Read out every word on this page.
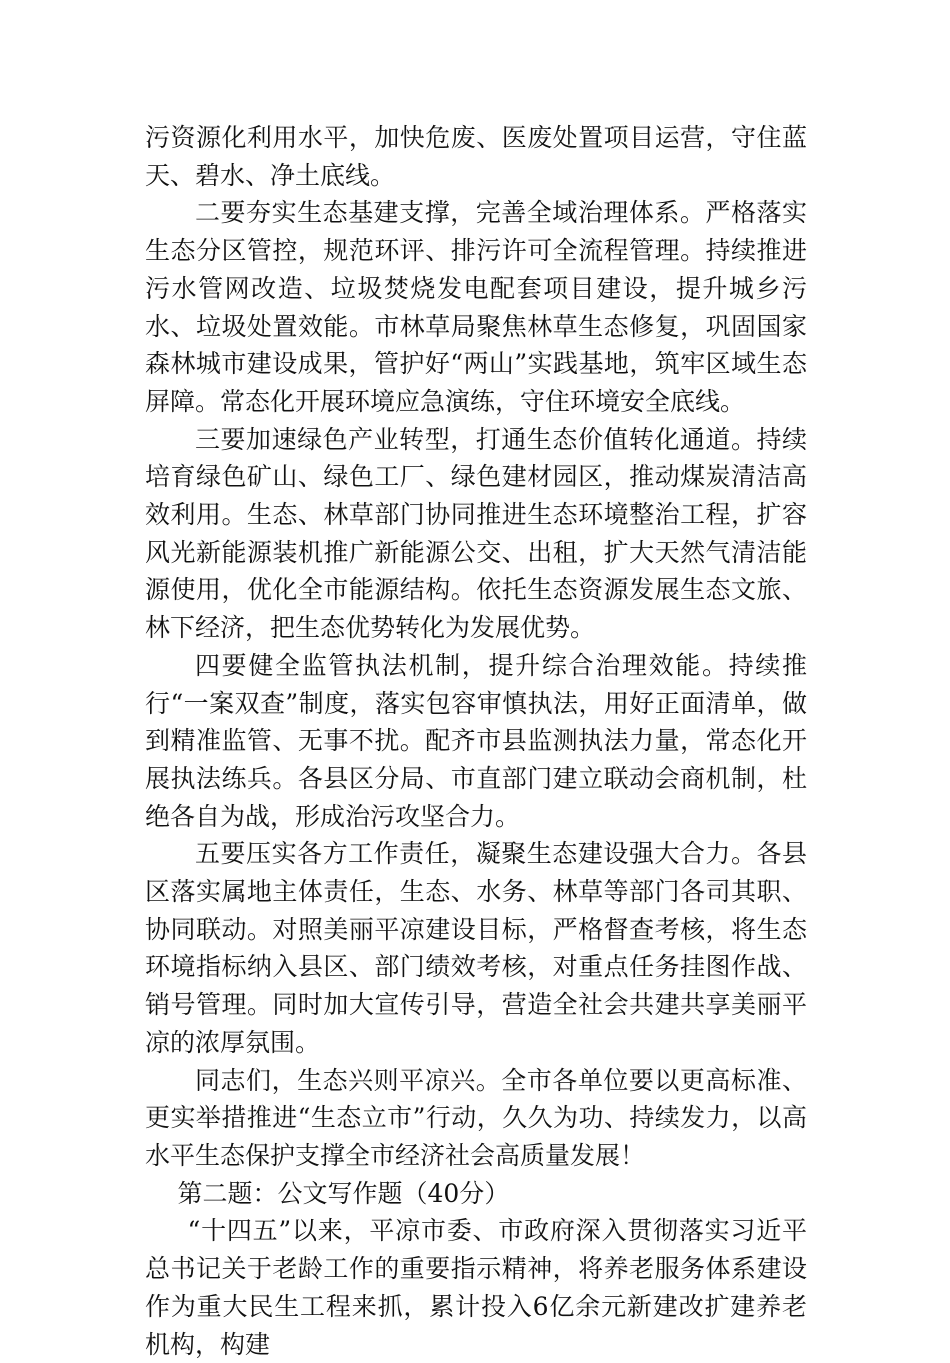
污资源化利用水平，加快危废、医废处置项目运营，守住蓝天、碧水、净土底线。

二要夯实生态基建支撑，完善全域治理体系。严格落实生态分区管控，规范环评、排污许可全流程管理。持续推进污水管网改造、垃圾焚烧发电配套项目建设，提升城乡污水、垃圾处置效能。市林草局聚焦林草生态修复，巩固国家森林城市建设成果，管护好“两山”实践基地，筑牢区域生态屏障。常态化开展环境应急演练，守住环境安全底线。

三要加速绿色产业转型，打通生态价值转化通道。持续培育绿色矿山、绿色工厂、绿色建材园区，推动煤炭清洁高效利用。生态、林草部门协同推进生态环境整治工程，扩容风光新能源装机推广新能源公交、出租，扩大天然气清洁能源使用，优化全市能源结构。依托生态资源发展生态文旅、林下经济，把生态优势转化为发展优势。

四要健全监管执法机制，提升综合治理效能。持续推行“一案双查”制度，落实包容审慎执法，用好正面清单，做到精准监管、无事不扰。配齐市县监测执法力量，常态化开展执法练兵。各县区分局、市直部门建立联动会商机制，杜绝各自为战，形成治污攻坚合力。

五要压实各方工作责任，凝聚生态建设强大合力。各县区落实属地主体责任，生态、水务、林草等部门各司其职、协同联动。对照美丽平凉建设目标，严格督查考核，将生态环境指标纳入县区、部门绩效考核，对重点任务挂图作战、销号管理。同时加大宣传引导，营造全社会共建共享美丽平凉的浓厚氛围。

同志们，生态兴则平凉兴。全市各单位要以更高标准、更实举措推进“生态立市”行动，久久为功、持续发力，以高水平生态保护支撑全市经济社会高质量发展！

第二题：公文写作题（40分）

“十四五”以来，平凉市委、市政府深入贯彻落实习近平总书记关于老龄工作的重要指示精神，将养老服务体系建设作为重大民生工程来抓，累计投入6亿余元新建改扩建养老机构，构建
